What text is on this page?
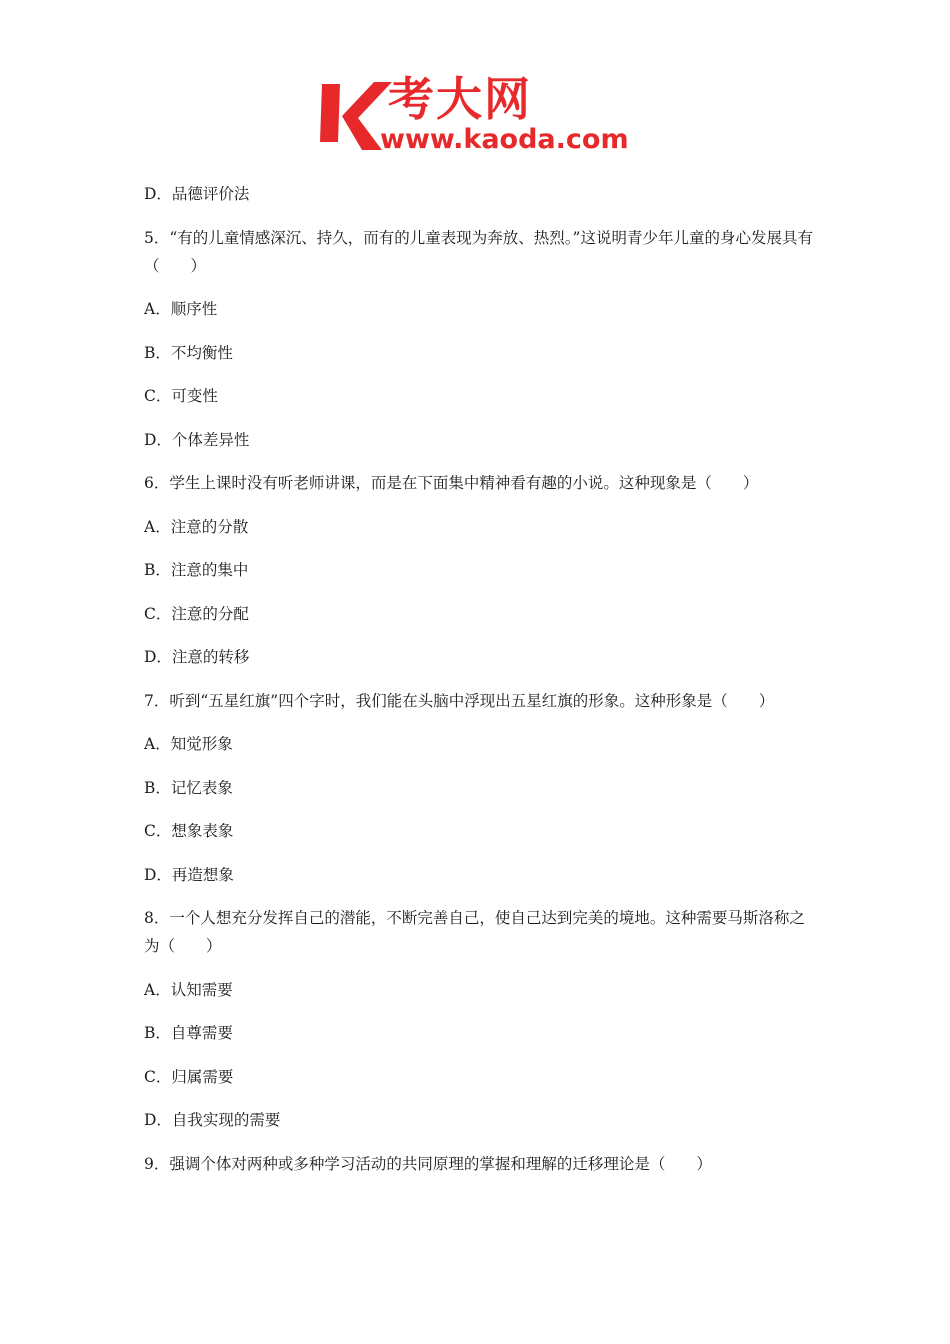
考大网
www.kaoda.com

D．品德评价法

5．“有的儿童情感深沉、持久，而有的儿童表现为奔放、热烈。”这说明青少年儿童的身心发展具有（　　）

A．顺序性

B．不均衡性

C．可变性

D．个体差异性

6．学生上课时没有听老师讲课，而是在下面集中精神看有趣的小说。这种现象是（　　）

A．注意的分散

B．注意的集中

C．注意的分配

D．注意的转移

7．听到“五星红旗”四个字时，我们能在头脑中浮现出五星红旗的形象。这种形象是（　　）

A．知觉形象

B．记忆表象

C．想象表象

D．再造想象

8．一个人想充分发挥自己的潜能，不断完善自己，使自己达到完美的境地。这种需要马斯洛称之为（　　）

A．认知需要

B．自尊需要

C．归属需要

D．自我实现的需要

9．强调个体对两种或多种学习活动的共同原理的掌握和理解的迁移理论是（　　）
